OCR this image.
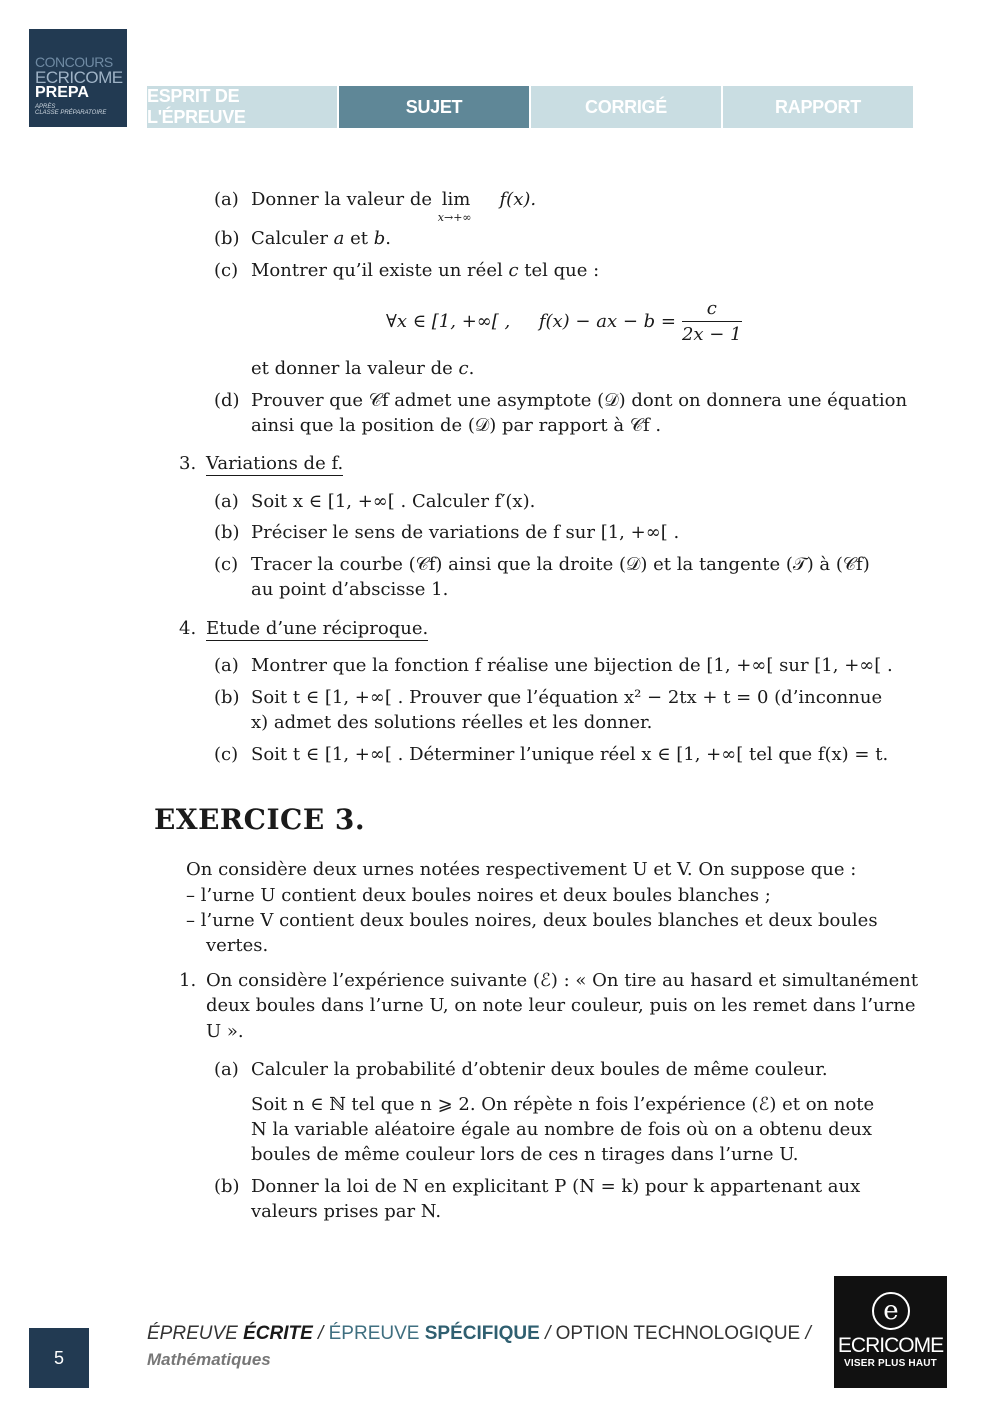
CONCOURS
ECRICOME
PREPA
APRÈS
CLASSE PRÉPARATOIRE
ESPRIT DE L'ÉPREUVE
SUJET	CORRIGÉ	RAPPORT
(a) Donner la valeur de lim
x→+∞
f(x).
(b) Calculer a et b.
(c) Montrer qu’il existe un réel c tel que :
∀x ∈ [1, +∞[ ,     f(x) − ax − $b = \frac{c}{2x - 1}$
et donner la valeur de c.
(d) Prouver que 𝒞f admet une asymptote (𝒟) dont on donnera une équation
ainsi que la position de (𝒟) par rapport à 𝒞f .
3. Variations de f.
(a) Soit x ∈ [1, +∞[ . Calculer f′(x).
(b) Préciser le sens de variations de f sur [1, +∞[ .
(c) Tracer la courbe (𝒞f) ainsi que la droite (𝒟) et la tangente (𝒯) à (𝒞f)
au point d’abscisse 1.
4. Etude d’une réciproque.
(a) Montrer que la fonction f réalise une bijection de [1, +∞[ sur [1, +∞[ .
(b) Soit t ∈ [1, +∞[ . Prouver que l’équation x² − 2tx + t = 0 (d’inconnue
x) admet des solutions réelles et les donner.
(c) Soit t ∈ [1, +∞[ . Déterminer l’unique réel x ∈ [1, +∞[ tel que f(x) = t.
EXERCICE 3.
On considère deux urnes notées respectivement U et V. On suppose que :
– l’urne U contient deux boules noires et deux boules blanches ;
– l’urne V contient deux boules noires, deux boules blanches et deux boules
vertes.
1. On considère l’expérience suivante (ℰ) : « On tire au hasard et simultanément
deux boules dans l’urne U, on note leur couleur, puis on les remet dans l’urne
U ».
(a) Calculer la probabilité d’obtenir deux boules de même couleur.
Soit n ∈ ℕ tel que n ⩾ 2. On répète n fois l’expérience (ℰ) et on note
N la variable aléatoire égale au nombre de fois où on a obtenu deux
boules de même couleur lors de ces n tirages dans l’urne U.
(b) Donner la loi de N en explicitant P (N = k) pour k appartenant aux
valeurs prises par N.
5
ÉPREUVE ÉCRITE / ÉPREUVE SPÉCIFIQUE / OPTION TECHNOLOGIQUE /
Mathématiques
e
ECRICOME
VISER PLUS HAUT
